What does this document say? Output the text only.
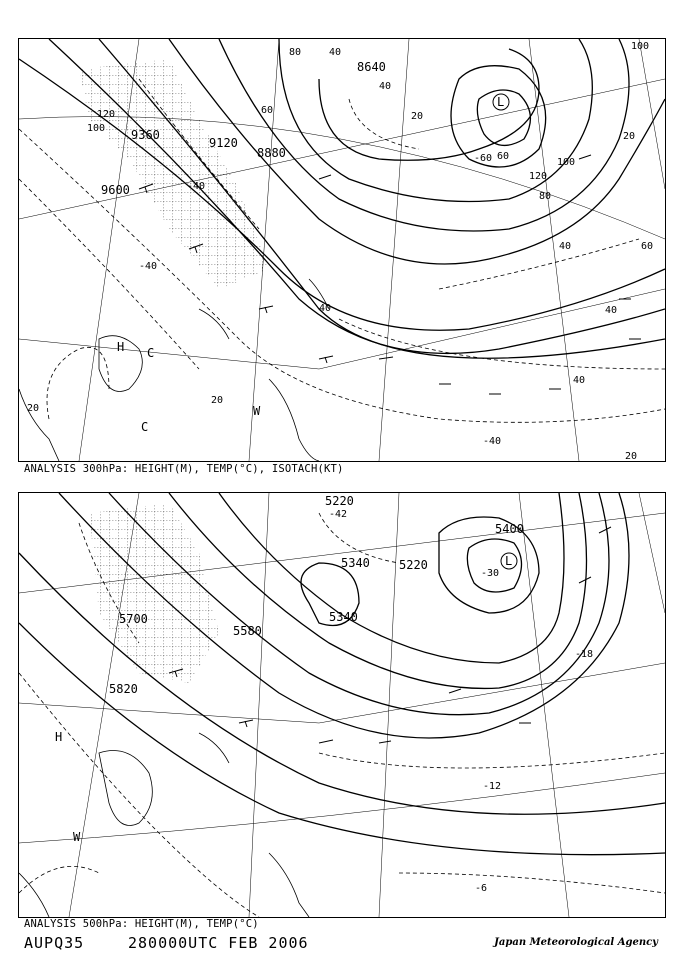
8640
9120
8880
9360
9600
100
120
100
80
60
40
20
40
60
80
100
120
40	60
40
20
40
20
40
20
20
-40
-40
-60
-40
L
H C
W
C
ANALYSIS 300hPa: HEIGHT(M), TEMP(°C), ISOTACH(KT)
5220
5400
5340 5220
5340
5580
5700
5820
-42
-30
-18
-12
-6
L
H
W
ANALYSIS 500hPa: HEIGHT(M), TEMP(°C)
AUPQ35	280000UTC FEB 2006	Japan Meteorological Agency
